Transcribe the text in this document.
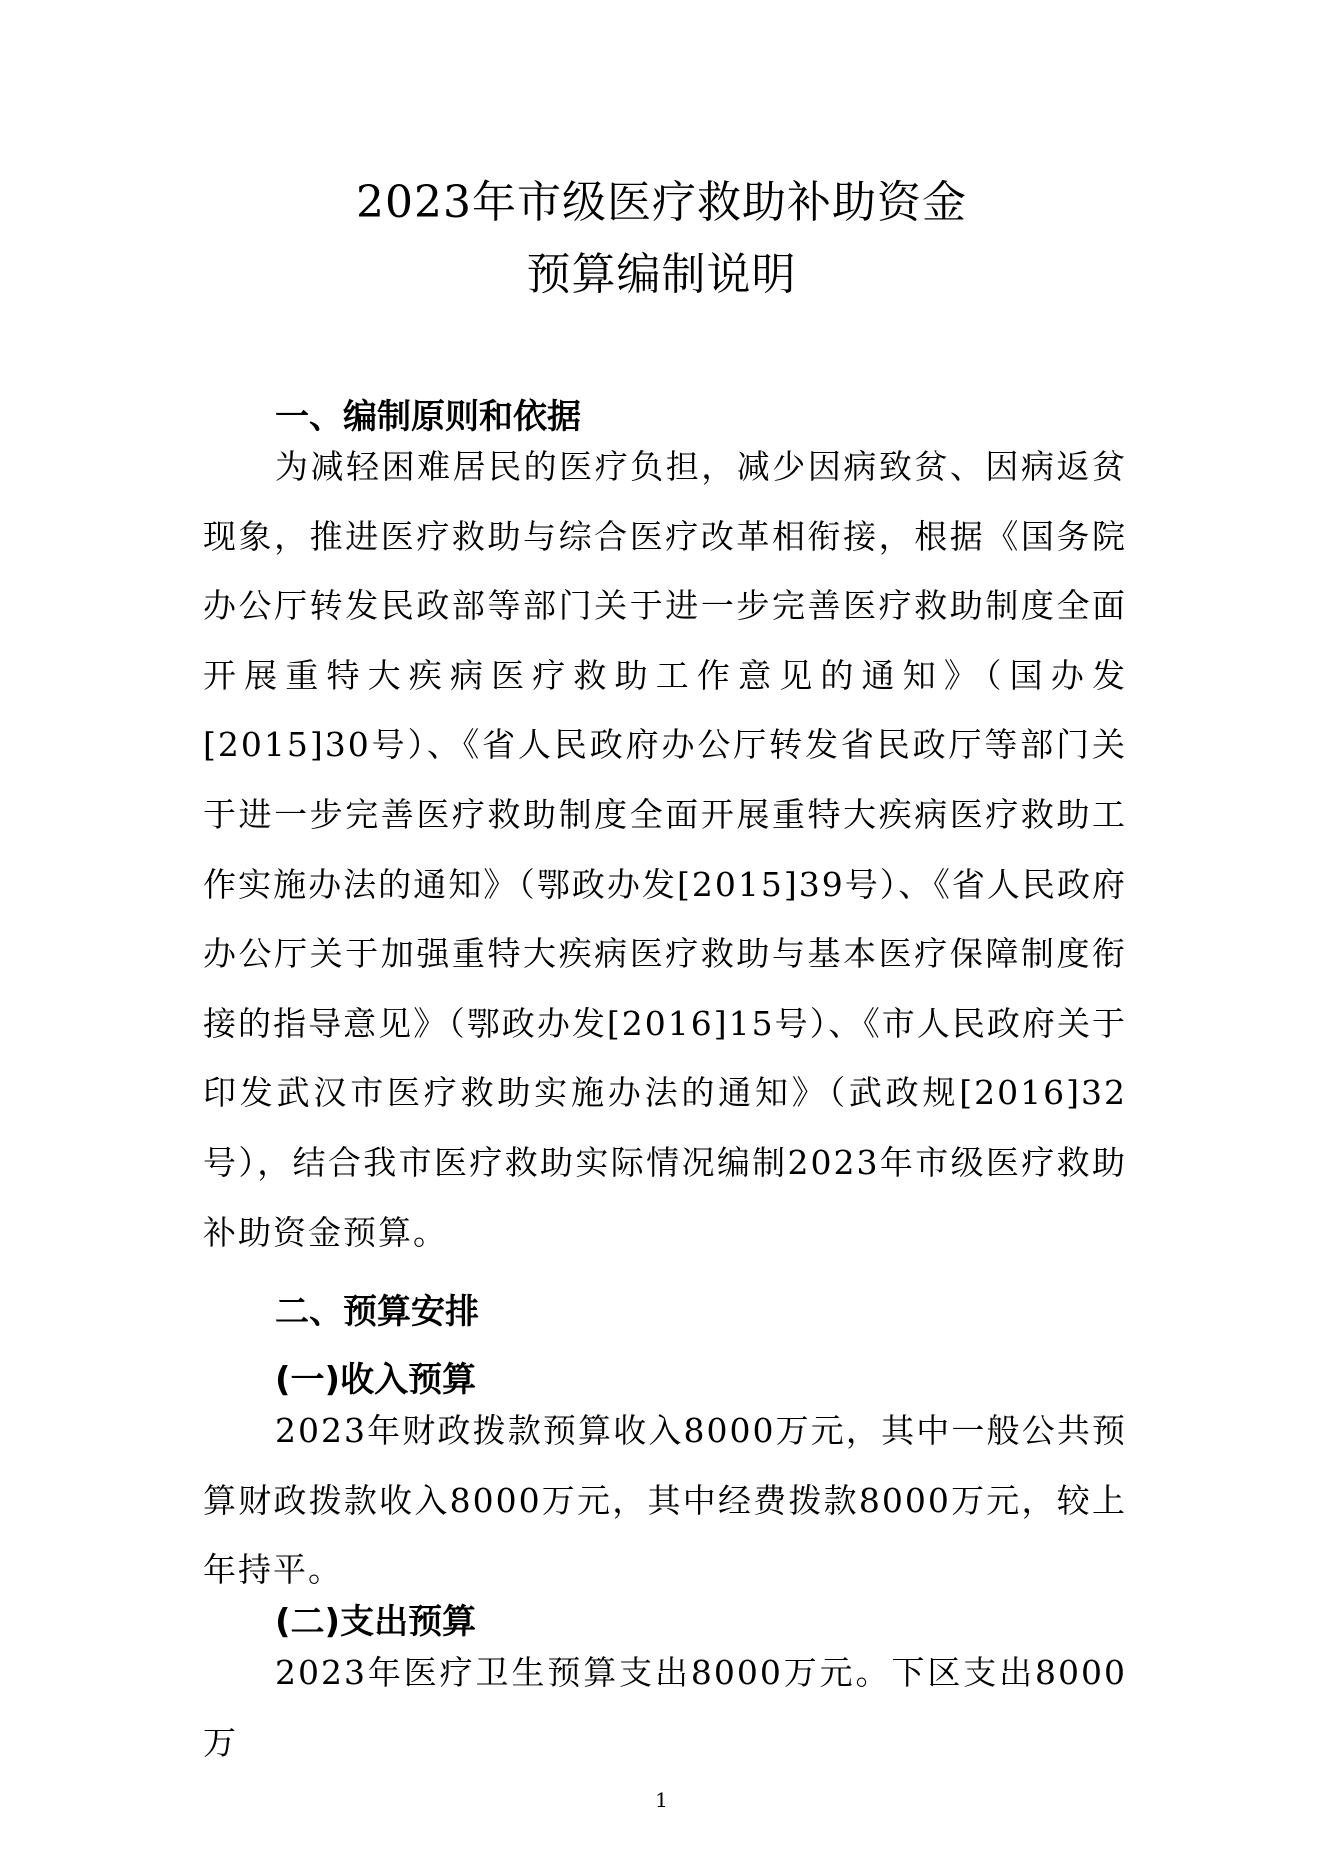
2023年市级医疗救助补助资金
预算编制说明
一、编制原则和依据

为减轻困难居民的医疗负担，减少因病致贫、因病返贫现象，推进医疗救助与综合医疗改革相衔接，根据《国务院办公厅转发民政部等部门关于进一步完善医疗救助制度全面开展重特大疾病医疗救助工作意见的通知》（国办发[2015]30号）、《省人民政府办公厅转发省民政厅等部门关于进一步完善医疗救助制度全面开展重特大疾病医疗救助工作实施办法的通知》（鄂政办发[2015]39号）、《省人民政府办公厅关于加强重特大疾病医疗救助与基本医疗保障制度衔接的指导意见》（鄂政办发[2016]15号）、《市人民政府关于印发武汉市医疗救助实施办法的通知》（武政规[2016]32号），结合我市医疗救助实际情况编制2023年市级医疗救助补助资金预算。

二、预算安排
(一)收入预算

2023年财政拨款预算收入8000万元，其中一般公共预算财政拨款收入8000万元，其中经费拨款8000万元，较上年持平。

(二)支出预算

2023年医疗卫生预算支出8000万元。下区支出8000万

1
